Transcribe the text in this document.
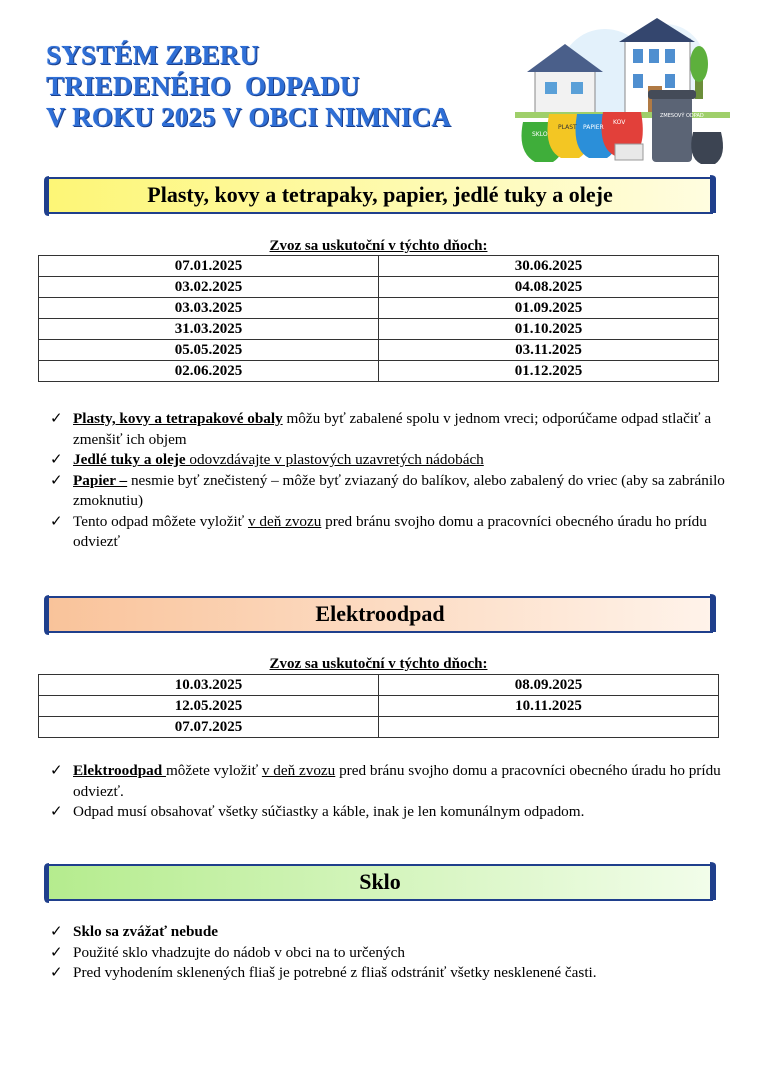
SYSTÉM ZBERU
TRIEDENÉHO  ODPADU
V ROKU 2025 V OBCI NIMNICA
SKLO
PLAST PAPIER
KOV
ZMESOVÝ ODPAD
Plasty, kovy a tetrapaky, papier, jedlé tuky a oleje
Zvoz sa uskutoční v týchto dňoch:
07.01.2025	30.06.2025
03.02.2025	04.08.2025
03.03.2025	01.09.2025
31.03.2025	01.10.2025
05.05.2025	03.11.2025
02.06.2025	01.12.2025
✓ Plasty, kovy a tetrapakové obaly môžu byť zabalené spolu v jednom vreci; odporúčame odpad stlačiť a zmenšiť ich objem
✓ Jedlé tuky a oleje odovzdávajte v plastových uzavretých nádobách
✓ Papier – nesmie byť znečistený – môže byť zviazaný do balíkov, alebo zabalený do vriec (aby sa zabránilo zmoknutiu)
✓ Tento odpad môžete vyložiť v deň zvozu pred bránu svojho domu a pracovníci obecného úradu ho prídu odviezť
Elektroodpad
Zvoz sa uskutoční v týchto dňoch:
10.03.2025	08.09.2025
12.05.2025	10.11.2025
07.07.2025	
✓ Elektroodpad môžete vyložiť v deň zvozu pred bránu svojho domu a pracovníci obecného úradu ho prídu odviezť.
✓ Odpad musí obsahovať všetky súčiastky a káble, inak je len komunálnym odpadom.
Sklo
✓ Sklo sa zvážať nebude
✓ Použité sklo vhadzujte do nádob v obci na to určených
✓ Pred vyhodením sklenených fliaš je potrebné z fliaš odstrániť všetky nesklenené časti.
